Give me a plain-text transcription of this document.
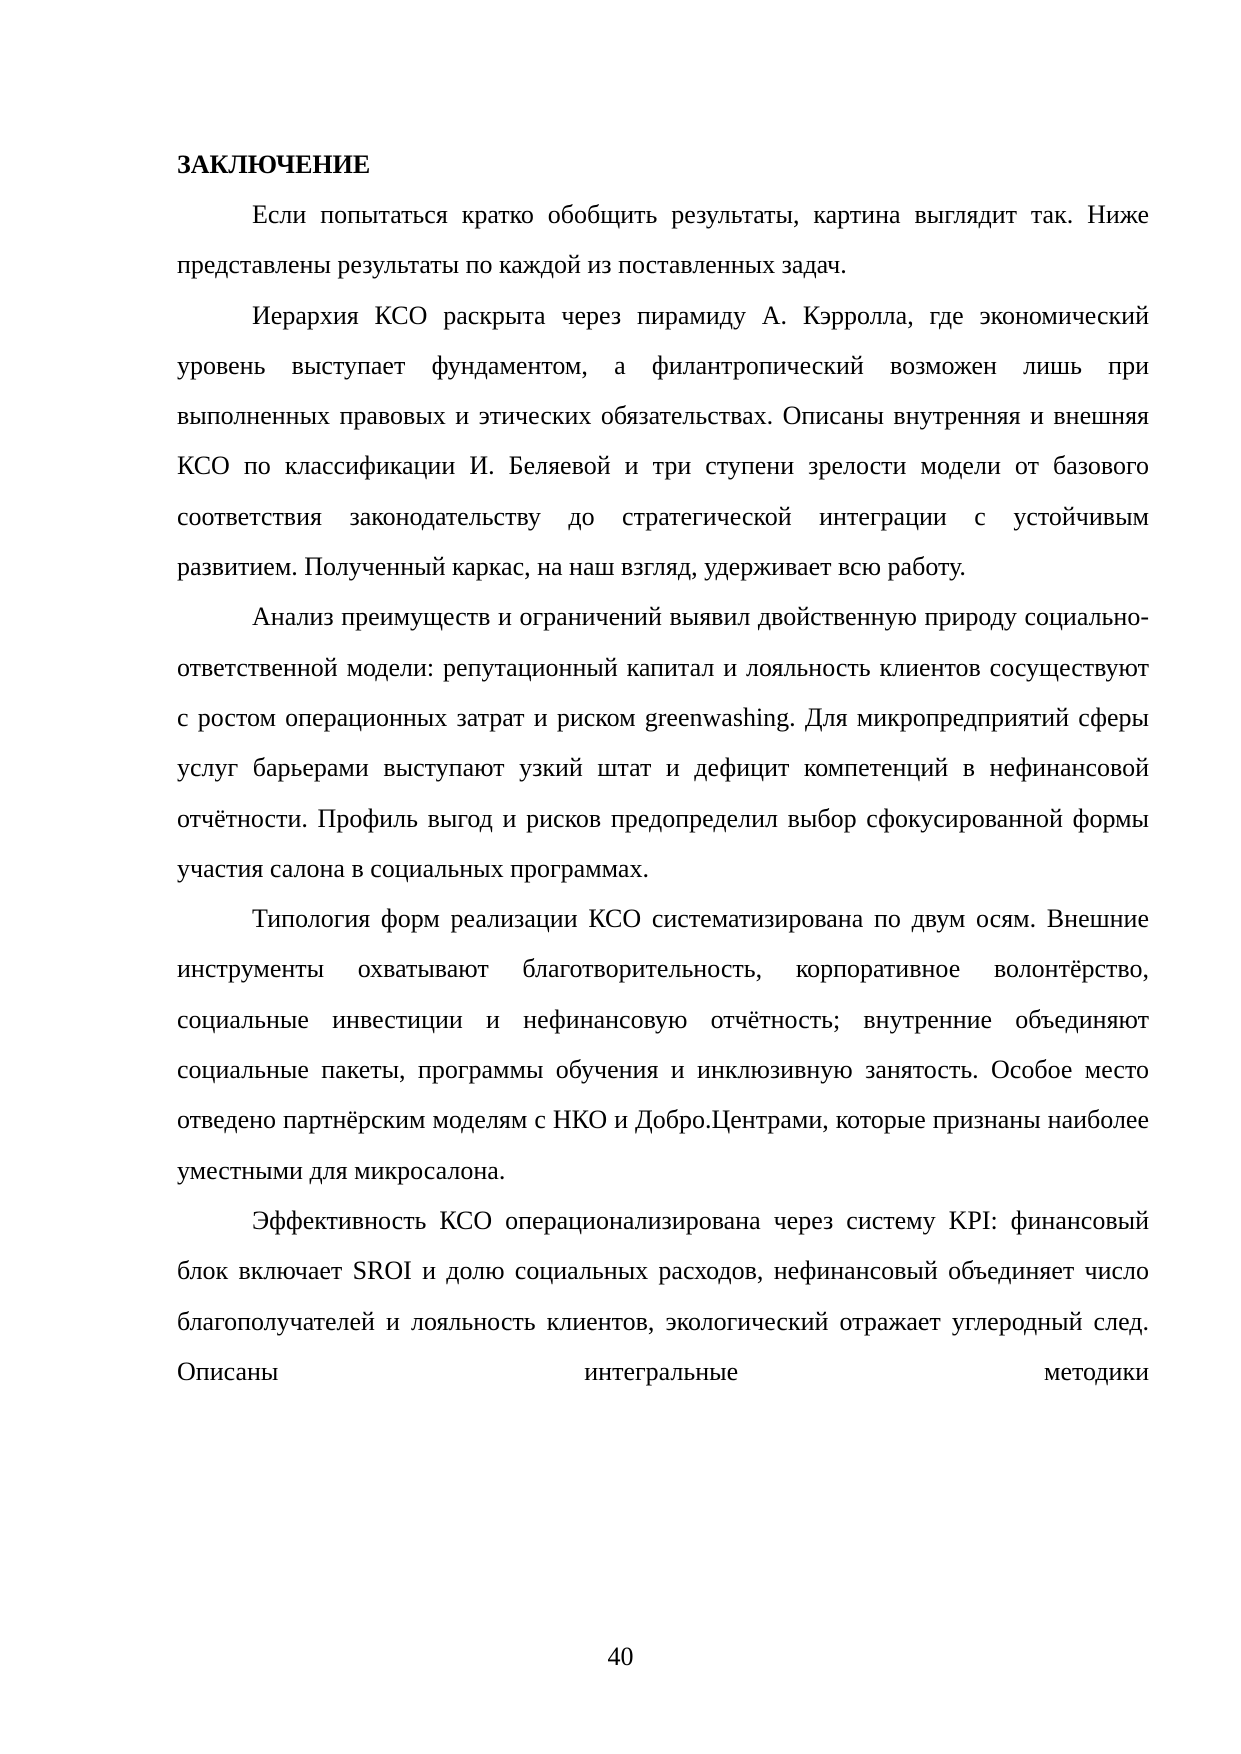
ЗАКЛЮЧЕНИЕ

Если попытаться кратко обобщить результаты, картина выглядит так. Ниже представлены результаты по каждой из поставленных задач.

Иерархия КСО раскрыта через пирамиду А. Кэрролла, где экономический уровень выступает фундаментом, а филантропический возможен лишь при выполненных правовых и этических обязательствах. Описаны внутренняя и внешняя КСО по классификации И. Беляевой и три ступени зрелости модели от базового соответствия законодательству до стратегической интеграции с устойчивым развитием. Полученный каркас, на наш взгляд, удерживает всю работу.

Анализ преимуществ и ограничений выявил двойственную природу социально-ответственной модели: репутационный капитал и лояльность клиентов сосуществуют с ростом операционных затрат и риском greenwashing. Для микропредприятий сферы услуг барьерами выступают узкий штат и дефицит компетенций в нефинансовой отчётности. Профиль выгод и рисков предопределил выбор сфокусированной формы участия салона в социальных программах.

Типология форм реализации КСО систематизирована по двум осям. Внешние инструменты охватывают благотворительность, корпоративное волонтёрство, социальные инвестиции и нефинансовую отчётность; внутренние объединяют социальные пакеты, программы обучения и инклюзивную занятость. Особое место отведено партнёрским моделям с НКО и Добро.Центрами, которые признаны наиболее уместными для микросалона.

Эффективность КСО операционализирована через систему KPI: финансовый блок включает SROI и долю социальных расходов, нефинансовый объединяет число благополучателей и лояльность клиентов, экологический отражает углеродный след. Описаны интегральные методики

40
